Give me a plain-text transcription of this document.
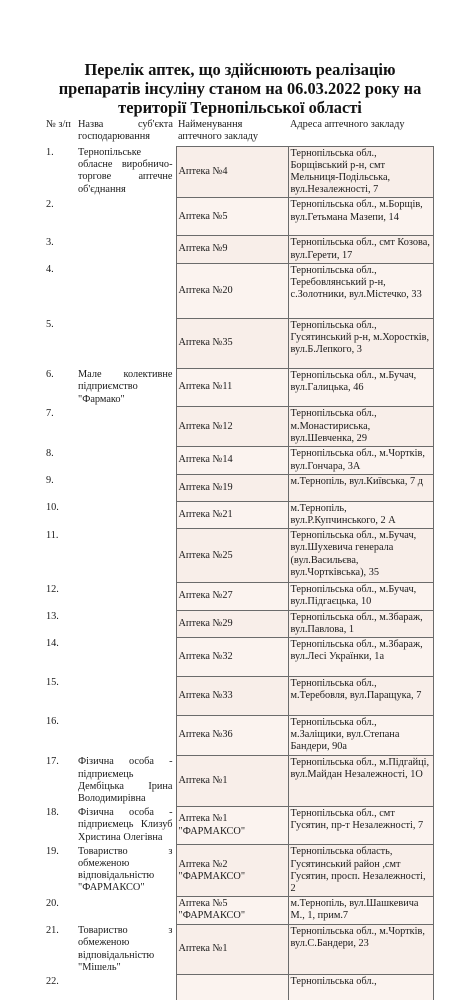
Перелік аптек, що здійснюють реалізацію
препаратів інсуліну станом на 06.03.2022 року на
території Тернопільської області
№ з/п	Назва суб'єкта господарювання	Найменування аптечного закладу	Адреса аптечного закладу
1.	Тернопільське обласне виробничо-торгове аптечне об'єднання	Аптека №4	Тернопільська обл., Борщівський р-н, смт Мельниця-Подільська, вул.Незалежності, 7
2.		Аптека №5	Тернопільська обл., м.Борщів, вул.Гетьмана Мазепи, 14
3.		Аптека №9	Тернопільська обл., смт Козова, вул.Герети, 17
4.		Аптека №20	Тернопільська обл., Теребовлянський р-н, с.Золотники, вул.Містечко, 33
5.		Аптека №35	Тернопільська обл., Гусятинський р-н, м.Хоростків, вул.Б.Лепкого, 3
6.	Мале колективне підприємство "Фармако"	Аптека №11	Тернопільська обл., м.Бучач, вул.Галицька, 46
7.		Аптека №12	Тернопільська обл., м.Монастириська, вул.Шевченка, 29
8.		Аптека №14	Тернопільська обл., м.Чортків, вул.Гончара, 3А
9.		Аптека №19	м.Тернопіль, вул.Київська, 7 д
10.		Аптека №21	м.Тернопіль, вул.Р.Купчинського, 2 А
11.		Аптека №25	Тернопільська обл., м.Бучач, вул.Шухевича генерала (вул.Васильєва, вул.Чортківська), 35
12.		Аптека №27	Тернопільська обл., м.Бучач, вул.Підгаєцька, 10
13.		Аптека №29	Тернопільська обл., м.Збараж, вул.Павлова, 1
14.		Аптека №32	Тернопільська обл., м.Збараж, вул.Лесі Українки, 1а
15.		Аптека №33	Тернопільська обл., м.Теребовля, вул.Паращука, 7
16.		Аптека №36	Тернопільська обл., м.Заліщики, вул.Степана Бандери, 90а
17.	Фізична особа - підприємець Дембіцька Ірина Володимирівна	Аптека №1	Тернопільська обл., м.Підгайці, вул.Майдан Незалежності, 1О
18.	Фізична особа - підприємець Клизуб Христина Олегівна	Аптека №1 "ФАРМАКСО"	Тернопільська обл., смт Гусятин, пр-т Незалежності, 7
19.	Товариство з обмеженою відповідальністю "ФАРМАКСО"	Аптека №2 "ФАРМАКСО"	Тернопільська область, Гусятинський район ,смт Гусятин, просп. Незалежності, 2
20.		Аптека №5 "ФАРМАКСО"	м.Тернопіль, вул.Шашкевича М., 1, прим.7
21.	Товариство з обмеженою відповідальністю "Мішель"	Аптека №1	Тернопільська обл., м.Чортків, вул.С.Бандери, 23
22.			Тернопільська обл.,
